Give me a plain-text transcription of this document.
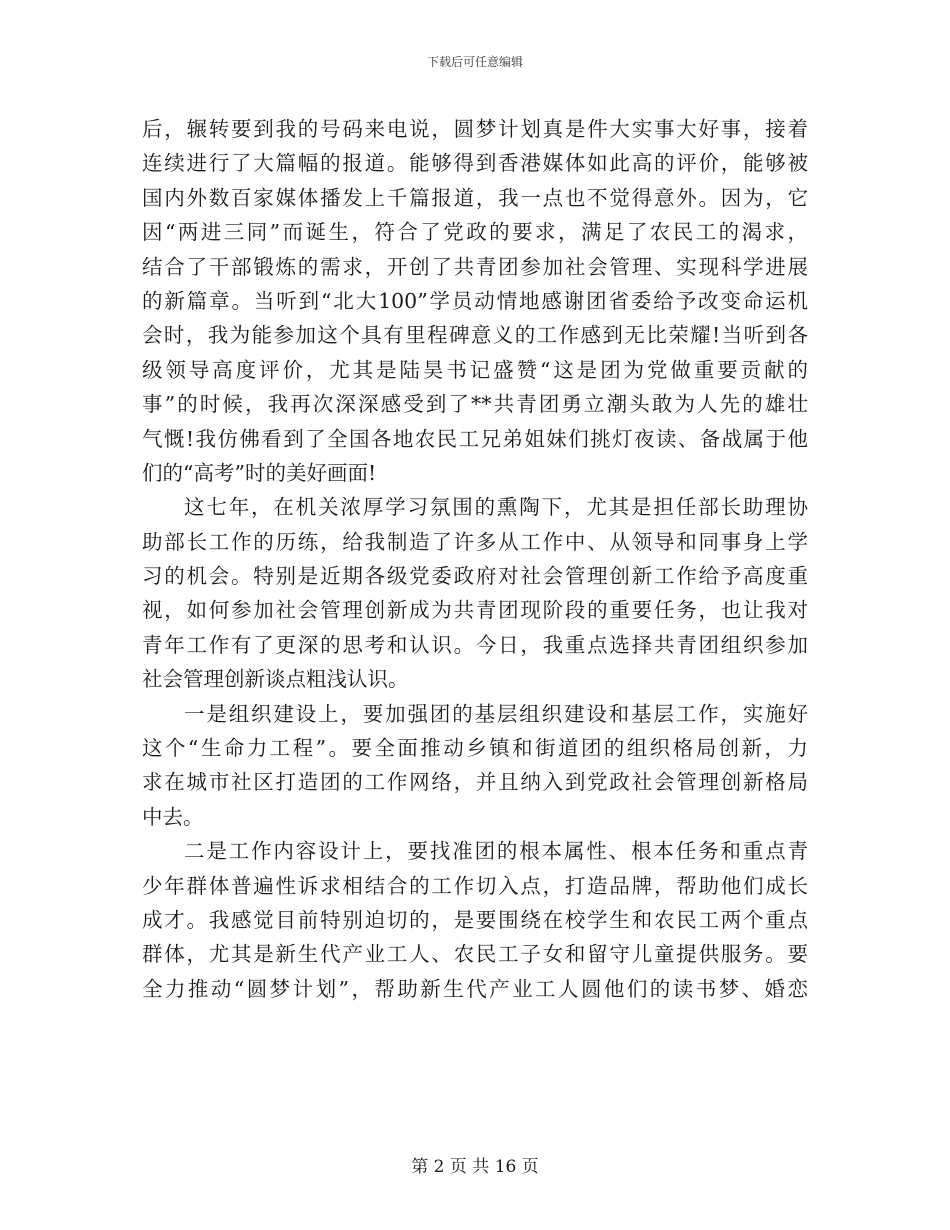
下载后可任意编辑
后，辗转要到我的号码来电说，圆梦计划真是件大实事大好事，接着
连续进行了大篇幅的报道。能够得到香港媒体如此高的评价，能够被
国内外数百家媒体播发上千篇报道，我一点也不觉得意外。因为，它
因“两进三同”而诞生，符合了党政的要求，满足了农民工的渴求，
结合了干部锻炼的需求，开创了共青团参加社会管理、实现科学进展
的新篇章。当听到“北大100”学员动情地感谢团省委给予改变命运机
会时，我为能参加这个具有里程碑意义的工作感到无比荣耀!当听到各
级领导高度评价，尤其是陆昊书记盛赞“这是团为党做重要贡献的
事”的时候，我再次深深感受到了**共青团勇立潮头敢为人先的雄壮
气慨!我仿佛看到了全国各地农民工兄弟姐妹们挑灯夜读、备战属于他
们的“高考”时的美好画面!
这七年，在机关浓厚学习氛围的熏陶下，尤其是担任部长助理协
助部长工作的历练，给我制造了许多从工作中、从领导和同事身上学
习的机会。特别是近期各级党委政府对社会管理创新工作给予高度重
视，如何参加社会管理创新成为共青团现阶段的重要任务，也让我对
青年工作有了更深的思考和认识。今日，我重点选择共青团组织参加
社会管理创新谈点粗浅认识。
一是组织建设上，要加强团的基层组织建设和基层工作，实施好
这个“生命力工程”。要全面推动乡镇和街道团的组织格局创新，力
求在城市社区打造团的工作网络，并且纳入到党政社会管理创新格局
中去。
二是工作内容设计上，要找准团的根本属性、根本任务和重点青
少年群体普遍性诉求相结合的工作切入点，打造品牌，帮助他们成长
成才。我感觉目前特别迫切的，是要围绕在校学生和农民工两个重点
群体，尤其是新生代产业工人、农民工子女和留守儿童提供服务。要
全力推动“圆梦计划”，帮助新生代产业工人圆他们的读书梦、婚恋
第 2 页 共 16 页
